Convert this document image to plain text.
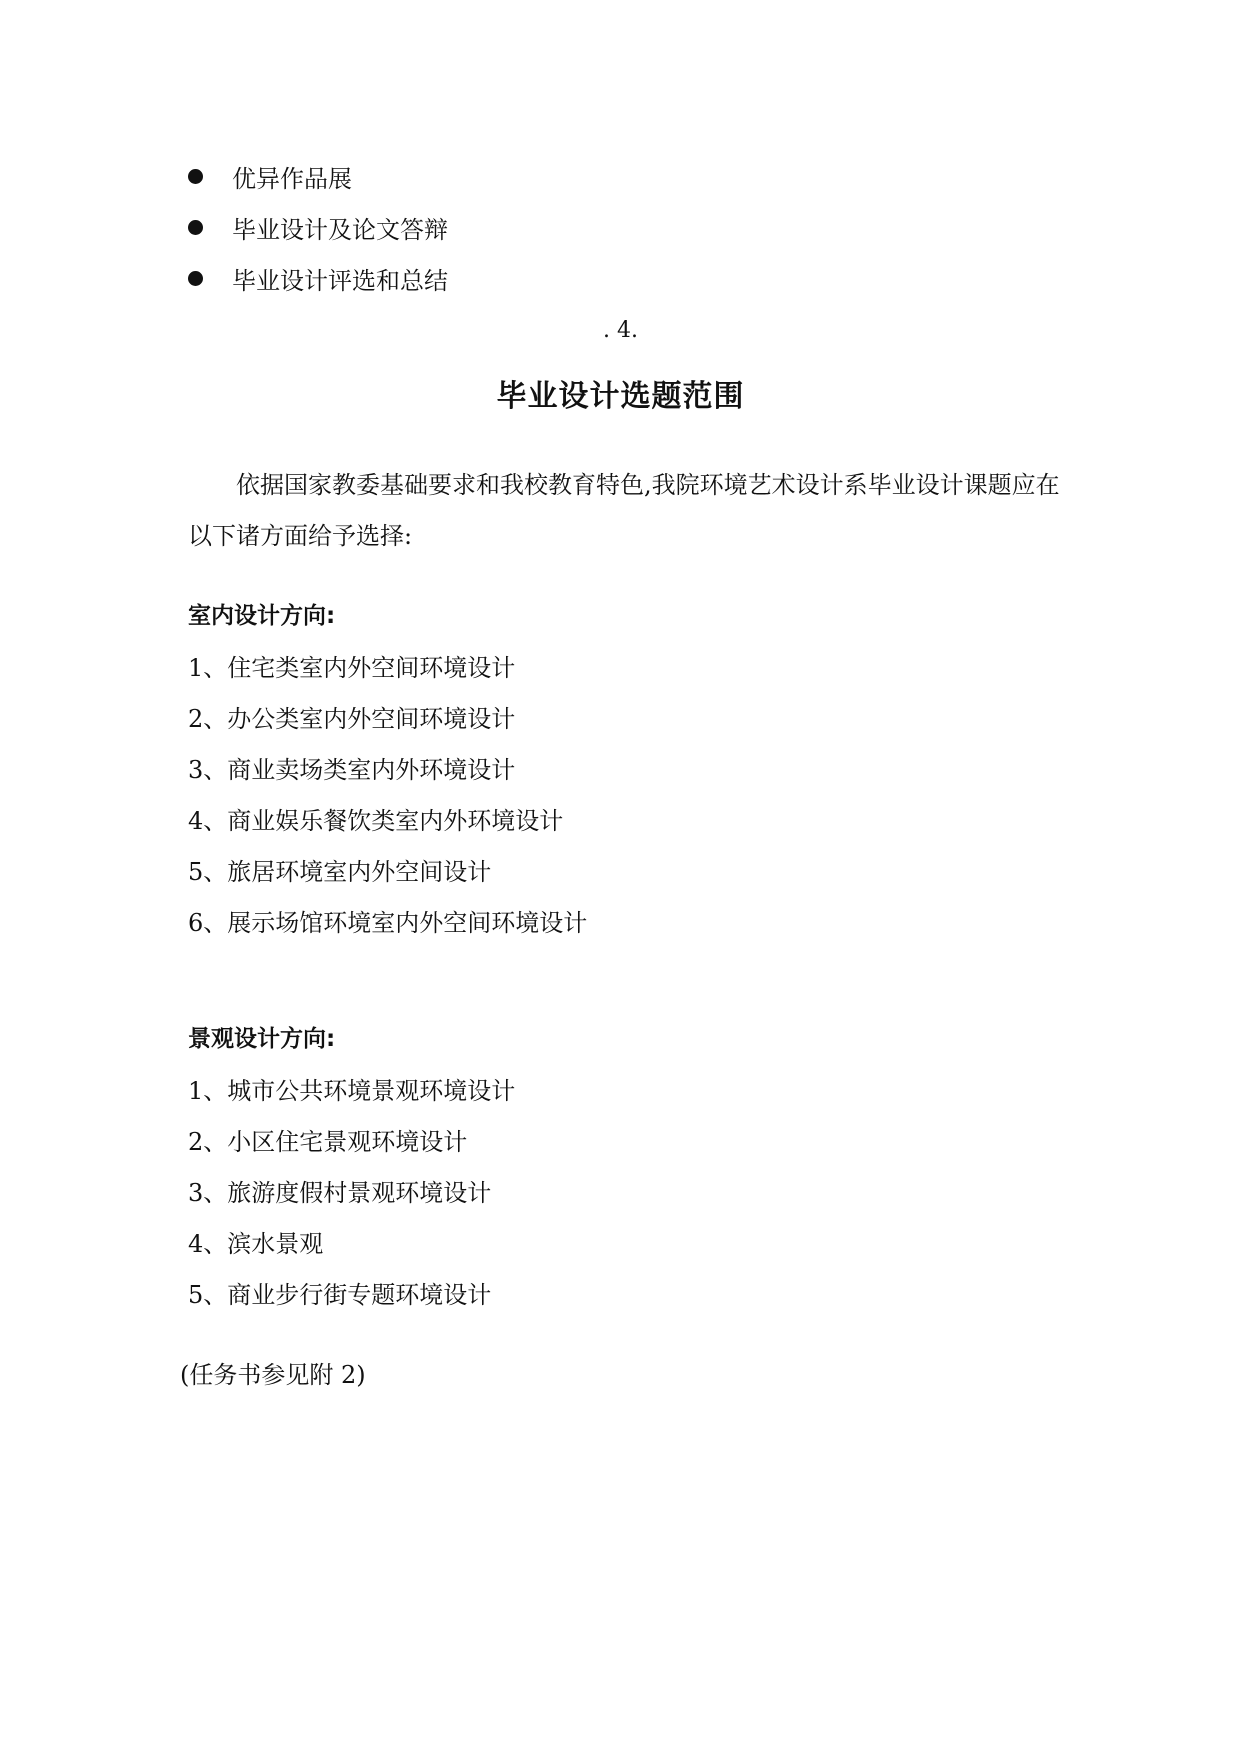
优异作品展
毕业设计及论文答辩
毕业设计评选和总结
. 4.
毕业设计选题范围
依据国家教委基础要求和我校教育特色,我院环境艺术设计系毕业设计课题应在以下诸方面给予选择:
室内设计方向:
1、住宅类室内外空间环境设计
2、办公类室内外空间环境设计
3、商业卖场类室内外环境设计
4、商业娱乐餐饮类室内外环境设计
5、旅居环境室内外空间设计
6、展示场馆环境室内外空间环境设计
景观设计方向:
1、城市公共环境景观环境设计
2、小区住宅景观环境设计
3、旅游度假村景观环境设计
4、滨水景观
5、商业步行街专题环境设计
(任务书参见附 2)
